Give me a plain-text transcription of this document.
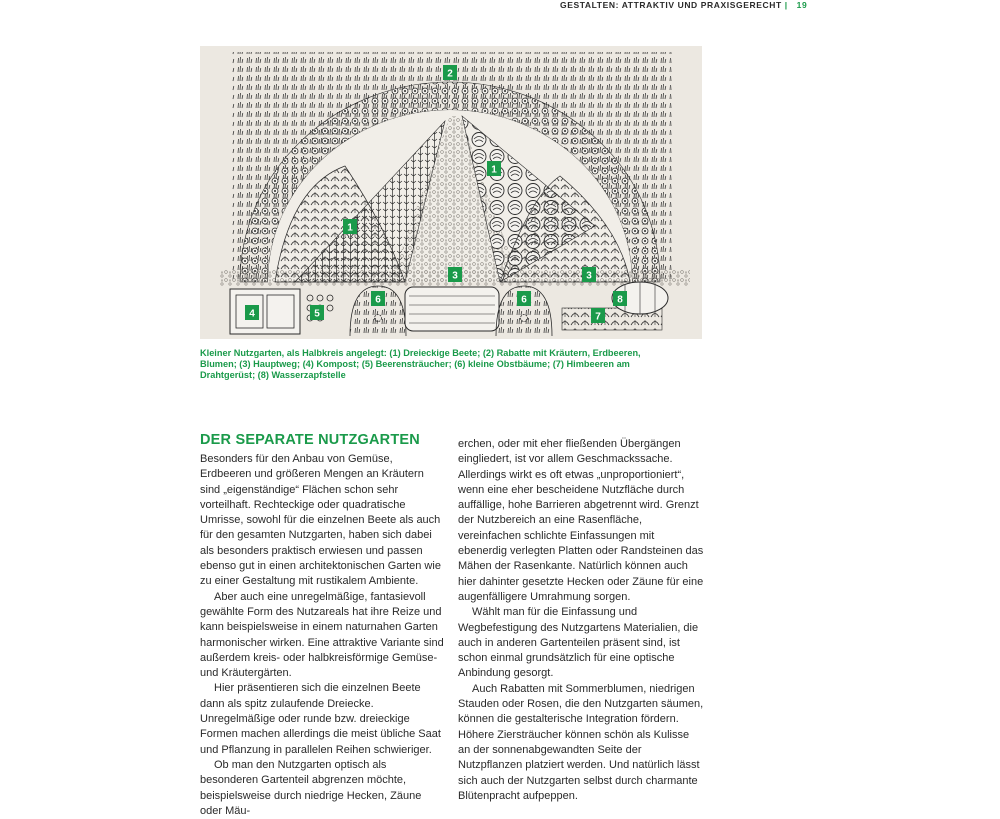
GESTALTEN: ATTRAKTIV UND PRAXISGERECHT | 19
1
1
2
3	3
4	5
6	6
7
8
Kleiner Nutzgarten, als Halbkreis angelegt: (1) Dreieckige Beete; (2) Rabatte mit Kräutern, Erdbeeren, Blumen; (3) Hauptweg; (4) Kompost; (5) Beerensträucher; (6) kleine Obstbäume; (7) Himbeeren am Drahtgerüst; (8) Wasserzapfstelle
DER SEPARATE NUTZGARTEN

Besonders für den Anbau von Gemüse, Erdbeeren und größeren Mengen an Kräutern sind „eigenständige“ Flächen schon sehr vorteilhaft. Rechteckige oder quadratische Umrisse, sowohl für die einzelnen Beete als auch für den gesamten Nutzgarten, haben sich dabei als besonders praktisch erwiesen und passen ebenso gut in einen architektonischen Garten wie zu einer Gestaltung mit rustikalem Ambiente.

Aber auch eine unregelmäßige, fantasievoll gewählte Form des Nutzareals hat ihre Reize und kann beispielsweise in einem naturnahen Garten harmonischer wirken. Eine attraktive Variante sind außerdem kreis- oder halbkreisförmige Gemüse- und Kräutergärten.

Hier präsentieren sich die einzelnen Beete dann als spitz zulaufende Dreiecke. Unregelmäßige oder runde bzw. dreieckige Formen machen allerdings die meist übliche Saat und Pflanzung in parallelen Reihen schwieriger.

Ob man den Nutzgarten optisch als besonderen Gartenteil abgrenzen möchte, beispielsweise durch niedrige Hecken, Zäune oder Mäu-

erchen, oder mit eher fließenden Übergängen eingliedert, ist vor allem Geschmackssache. Allerdings wirkt es oft etwas „unproportioniert“, wenn eine eher bescheidene Nutzfläche durch auffällige, hohe Barrieren abgetrennt wird. Grenzt der Nutzbereich an eine Rasenfläche, vereinfachen schlichte Einfassungen mit ebenerdig verlegten Platten oder Randsteinen das Mähen der Rasenkante. Natürlich können auch hier dahinter gesetzte Hecken oder Zäune für eine augenfälligere Umrahmung sorgen.

Wählt man für die Einfassung und Wegbefestigung des Nutzgartens Materialien, die auch in anderen Gartenteilen präsent sind, ist schon einmal grundsätzlich für eine optische Anbindung gesorgt.

Auch Rabatten mit Sommerblumen, niedrigen Stauden oder Rosen, die den Nutzgarten säumen, können die gestalterische Integration fördern. Höhere Ziersträucher können schön als Kulisse an der sonnenabgewandten Seite der Nutzpflanzen platziert werden. Und natürlich lässt sich auch der Nutzgarten selbst durch charmante Blütenpracht aufpeppen.
